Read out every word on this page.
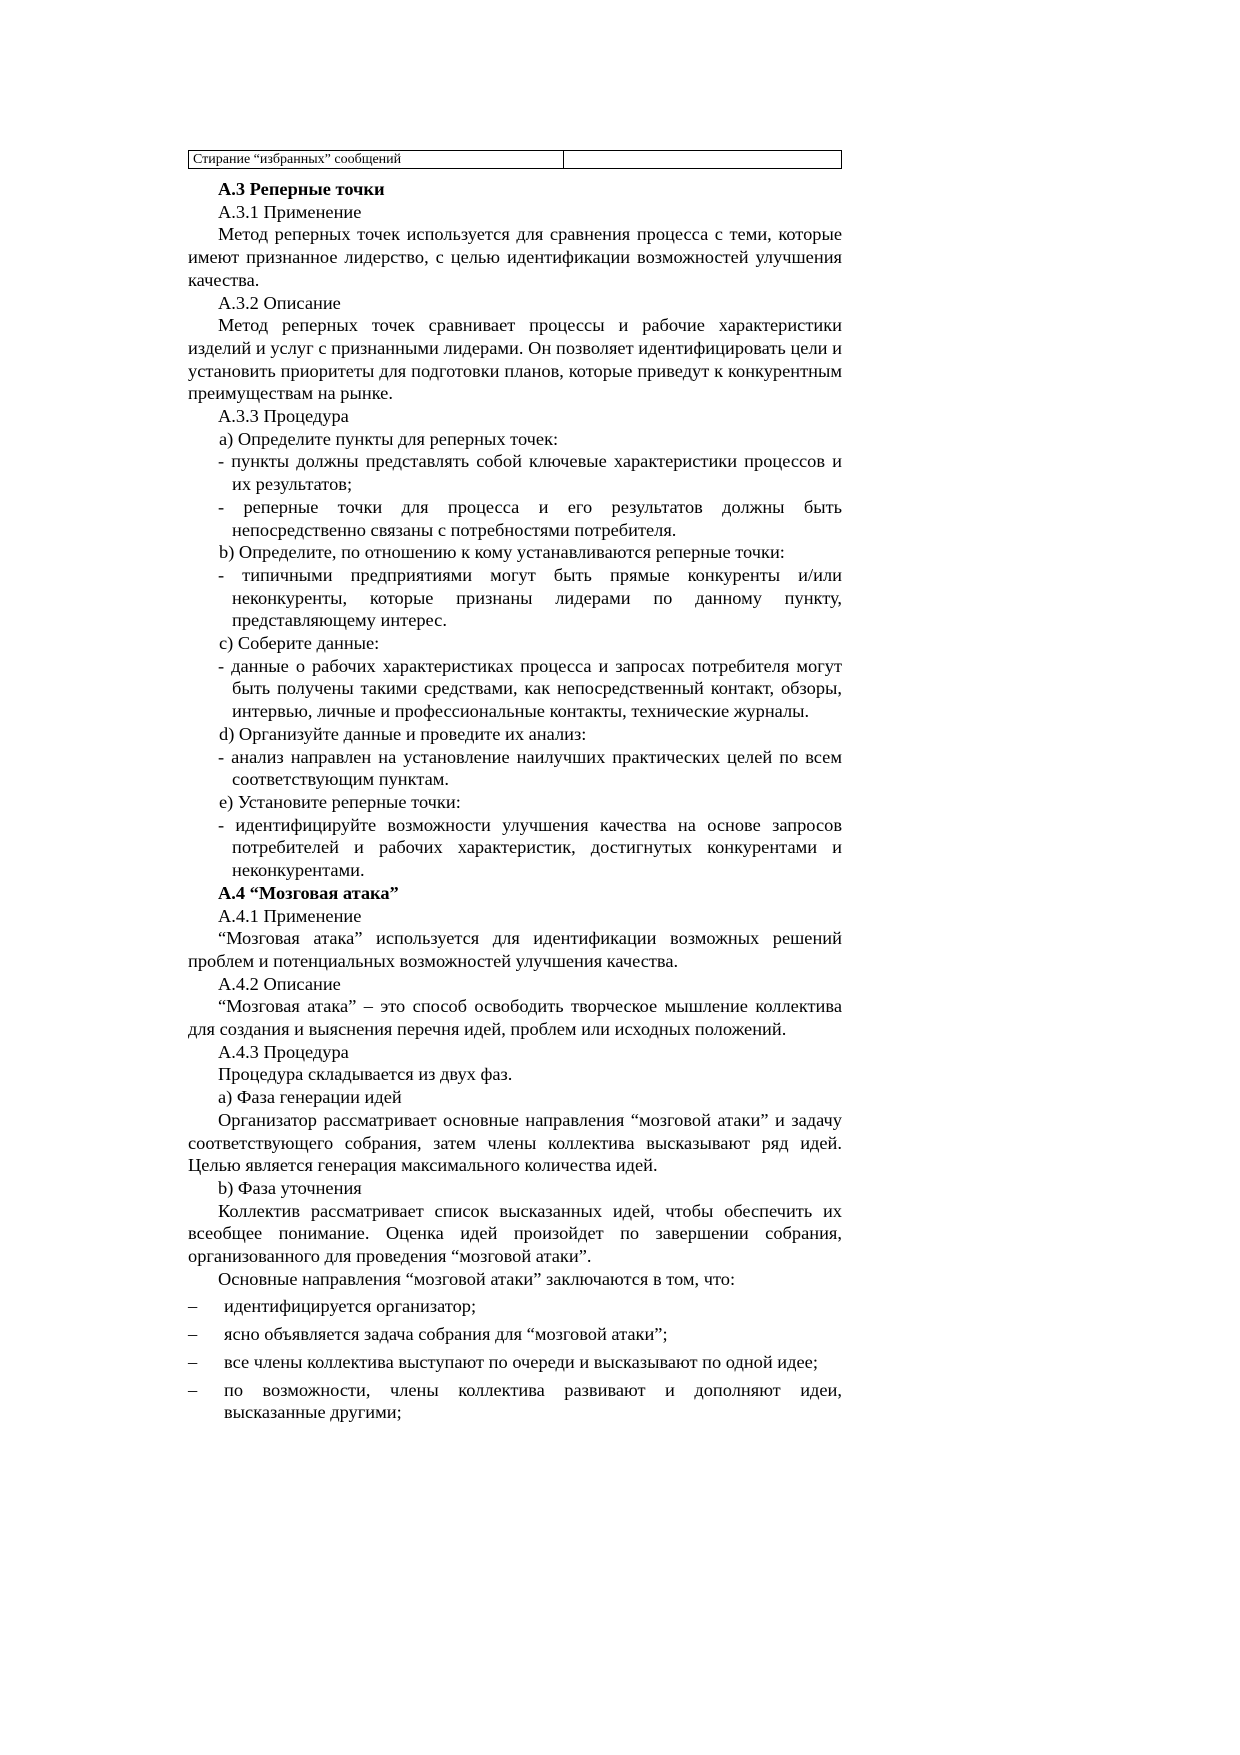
Стирание “избранных” сообщений

А.3 Реперные точки

А.3.1 Применение

Метод реперных точек используется для сравнения процесса с теми, которые имеют признанное лидерство, с целью идентификации возможностей улучшения качества.

А.3.2 Описание

Метод реперных точек сравнивает процессы и рабочие характеристики изделий и услуг с признанными лидерами. Он позволяет идентифицировать цели и установить приоритеты для подготовки планов, которые приведут к конкурентным преимуществам на рынке.

А.3.3 Процедура

a) Определите пункты для реперных точек:

- пункты должны представлять собой ключевые характеристики процессов и их результатов;

- реперные точки для процесса и его результатов должны быть непосредственно связаны с потребностями потребителя.

b) Определите, по отношению к кому устанавливаются реперные точки:

- типичными предприятиями могут быть прямые конкуренты и/или неконкуренты, которые признаны лидерами по данному пункту, представляющему интерес.

c) Соберите данные:

- данные о рабочих характеристиках процесса и запросах потребителя могут быть получены такими средствами, как непосредственный контакт, обзоры, интервью, личные и профессиональные контакты, технические журналы.

d) Организуйте данные и проведите их анализ:

- анализ направлен на установление наилучших практических целей по всем соответствующим пунктам.

e) Установите реперные точки:

- идентифицируйте возможности улучшения качества на основе запросов потребителей и рабочих характеристик, достигнутых конкурентами и неконкурентами.

А.4 “Мозговая атака”

А.4.1 Применение

“Мозговая атака” используется для идентификации возможных решений проблем и потенциальных возможностей улучшения качества.

А.4.2 Описание

“Мозговая атака” – это способ освободить творческое мышление коллектива для создания и выяснения перечня идей, проблем или исходных положений.

А.4.3 Процедура

Процедура складывается из двух фаз.

a) Фаза генерации идей

Организатор рассматривает основные направления “мозговой атаки” и задачу соответствующего собрания, затем члены коллектива высказывают ряд идей. Целью является генерация максимального количества идей.

b) Фаза уточнения

Коллектив рассматривает список высказанных идей, чтобы обеспечить их всеобщее понимание. Оценка идей произойдет по завершении собрания, организованного для проведения “мозговой атаки”.

Основные направления “мозговой атаки” заключаются в том, что:

–	идентифицируется организатор;
–	ясно объявляется задача собрания для “мозговой атаки”;
–	все члены коллектива выступают по очереди и высказывают по одной идее;
–	по возможности, члены коллектива развивают и дополняют идеи, высказанные другими;
